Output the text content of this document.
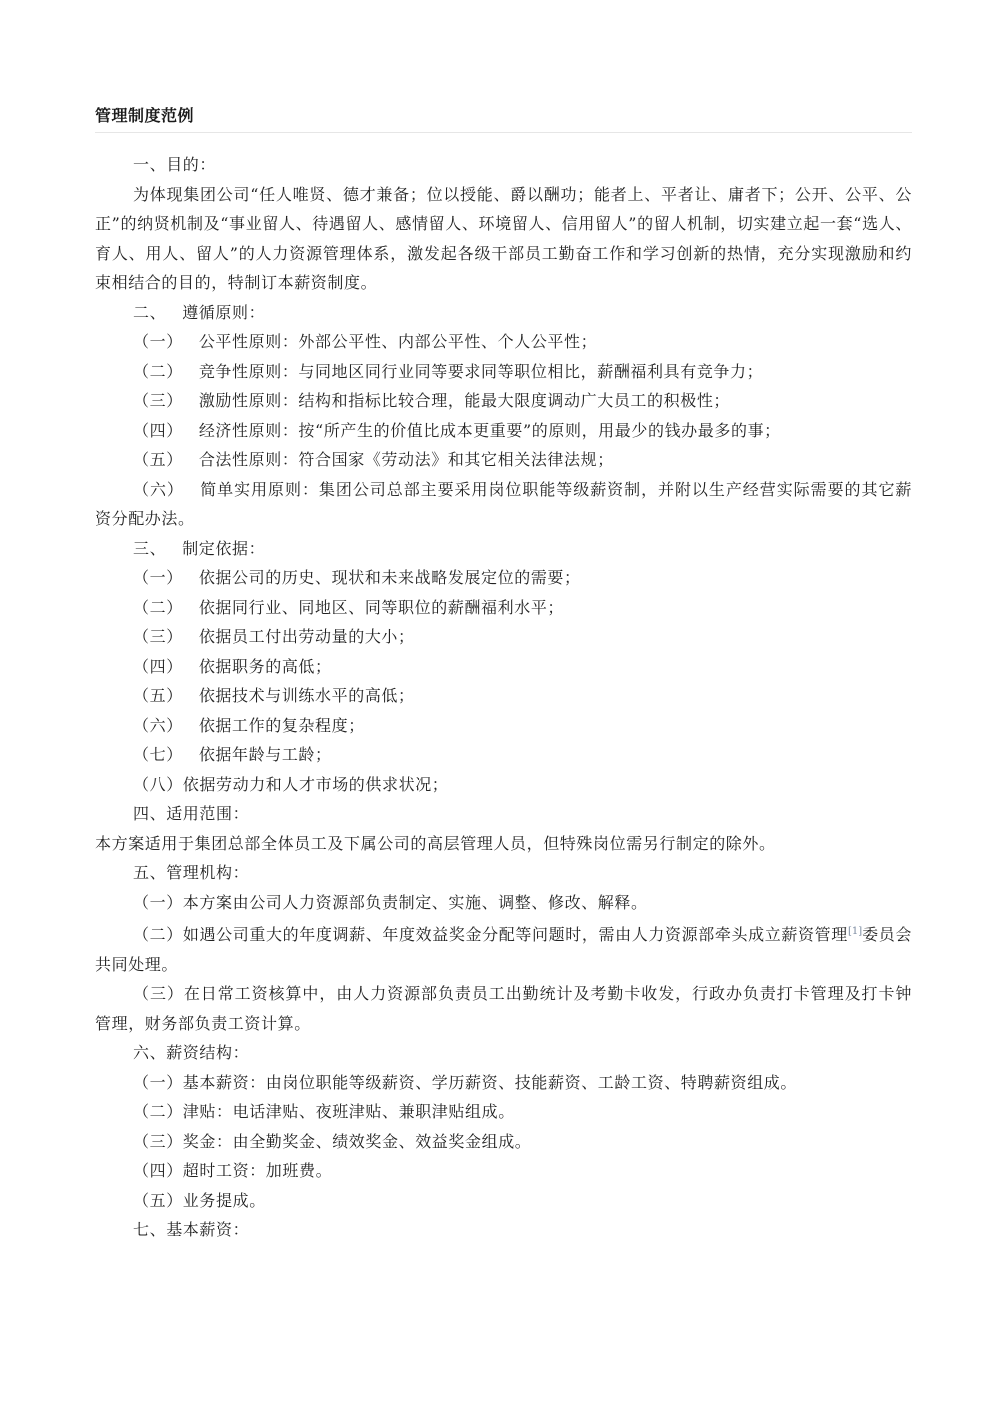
管理制度范例
一、目的：
为体现集团公司“任人唯贤、德才兼备；位以授能、爵以酬功；能者上、平者让、庸者下；公开、公平、公正”的纳贤机制及“事业留人、待遇留人、感情留人、环境留人、信用留人”的留人机制，切实建立起一套“选人、育人、用人、留人”的人力资源管理体系，激发起各级干部员工勤奋工作和学习创新的热情，充分实现激励和约束相结合的目的，特制订本薪资制度。
二、 遵循原则：
（一） 公平性原则：外部公平性、内部公平性、个人公平性；
（二） 竞争性原则：与同地区同行业同等要求同等职位相比，薪酬福利具有竞争力；
（三） 激励性原则：结构和指标比较合理，能最大限度调动广大员工的积极性；
（四） 经济性原则：按“所产生的价值比成本更重要”的原则，用最少的钱办最多的事；
（五） 合法性原则：符合国家《劳动法》和其它相关法律法规；
（六） 简单实用原则：集团公司总部主要采用岗位职能等级薪资制，并附以生产经营实际需要的其它薪资分配办法。
三、 制定依据：
（一） 依据公司的历史、现状和未来战略发展定位的需要；
（二） 依据同行业、同地区、同等职位的薪酬福利水平；
（三） 依据员工付出劳动量的大小；
（四） 依据职务的高低；
（五） 依据技术与训练水平的高低；
（六） 依据工作的复杂程度；
（七） 依据年龄与工龄；
（八）依据劳动力和人才市场的供求状况；
四、适用范围：
本方案适用于集团总部全体员工及下属公司的高层管理人员，但特殊岗位需另行制定的除外。
五、管理机构：
（一）本方案由公司人力资源部负责制定、实施、调整、修改、解释。
（二）如遇公司重大的年度调薪、年度效益奖金分配等问题时，需由人力资源部牵头成立薪资管理[1]委员会共同处理。
（三）在日常工资核算中，由人力资源部负责员工出勤统计及考勤卡收发，行政办负责打卡管理及打卡钟管理，财务部负责工资计算。
六、薪资结构：
（一）基本薪资：由岗位职能等级薪资、学历薪资、技能薪资、工龄工资、特聘薪资组成。
（二）津贴：电话津贴、夜班津贴、兼职津贴组成。
（三）奖金：由全勤奖金、绩效奖金、效益奖金组成。
（四）超时工资：加班费。
（五）业务提成。
七、基本薪资：
